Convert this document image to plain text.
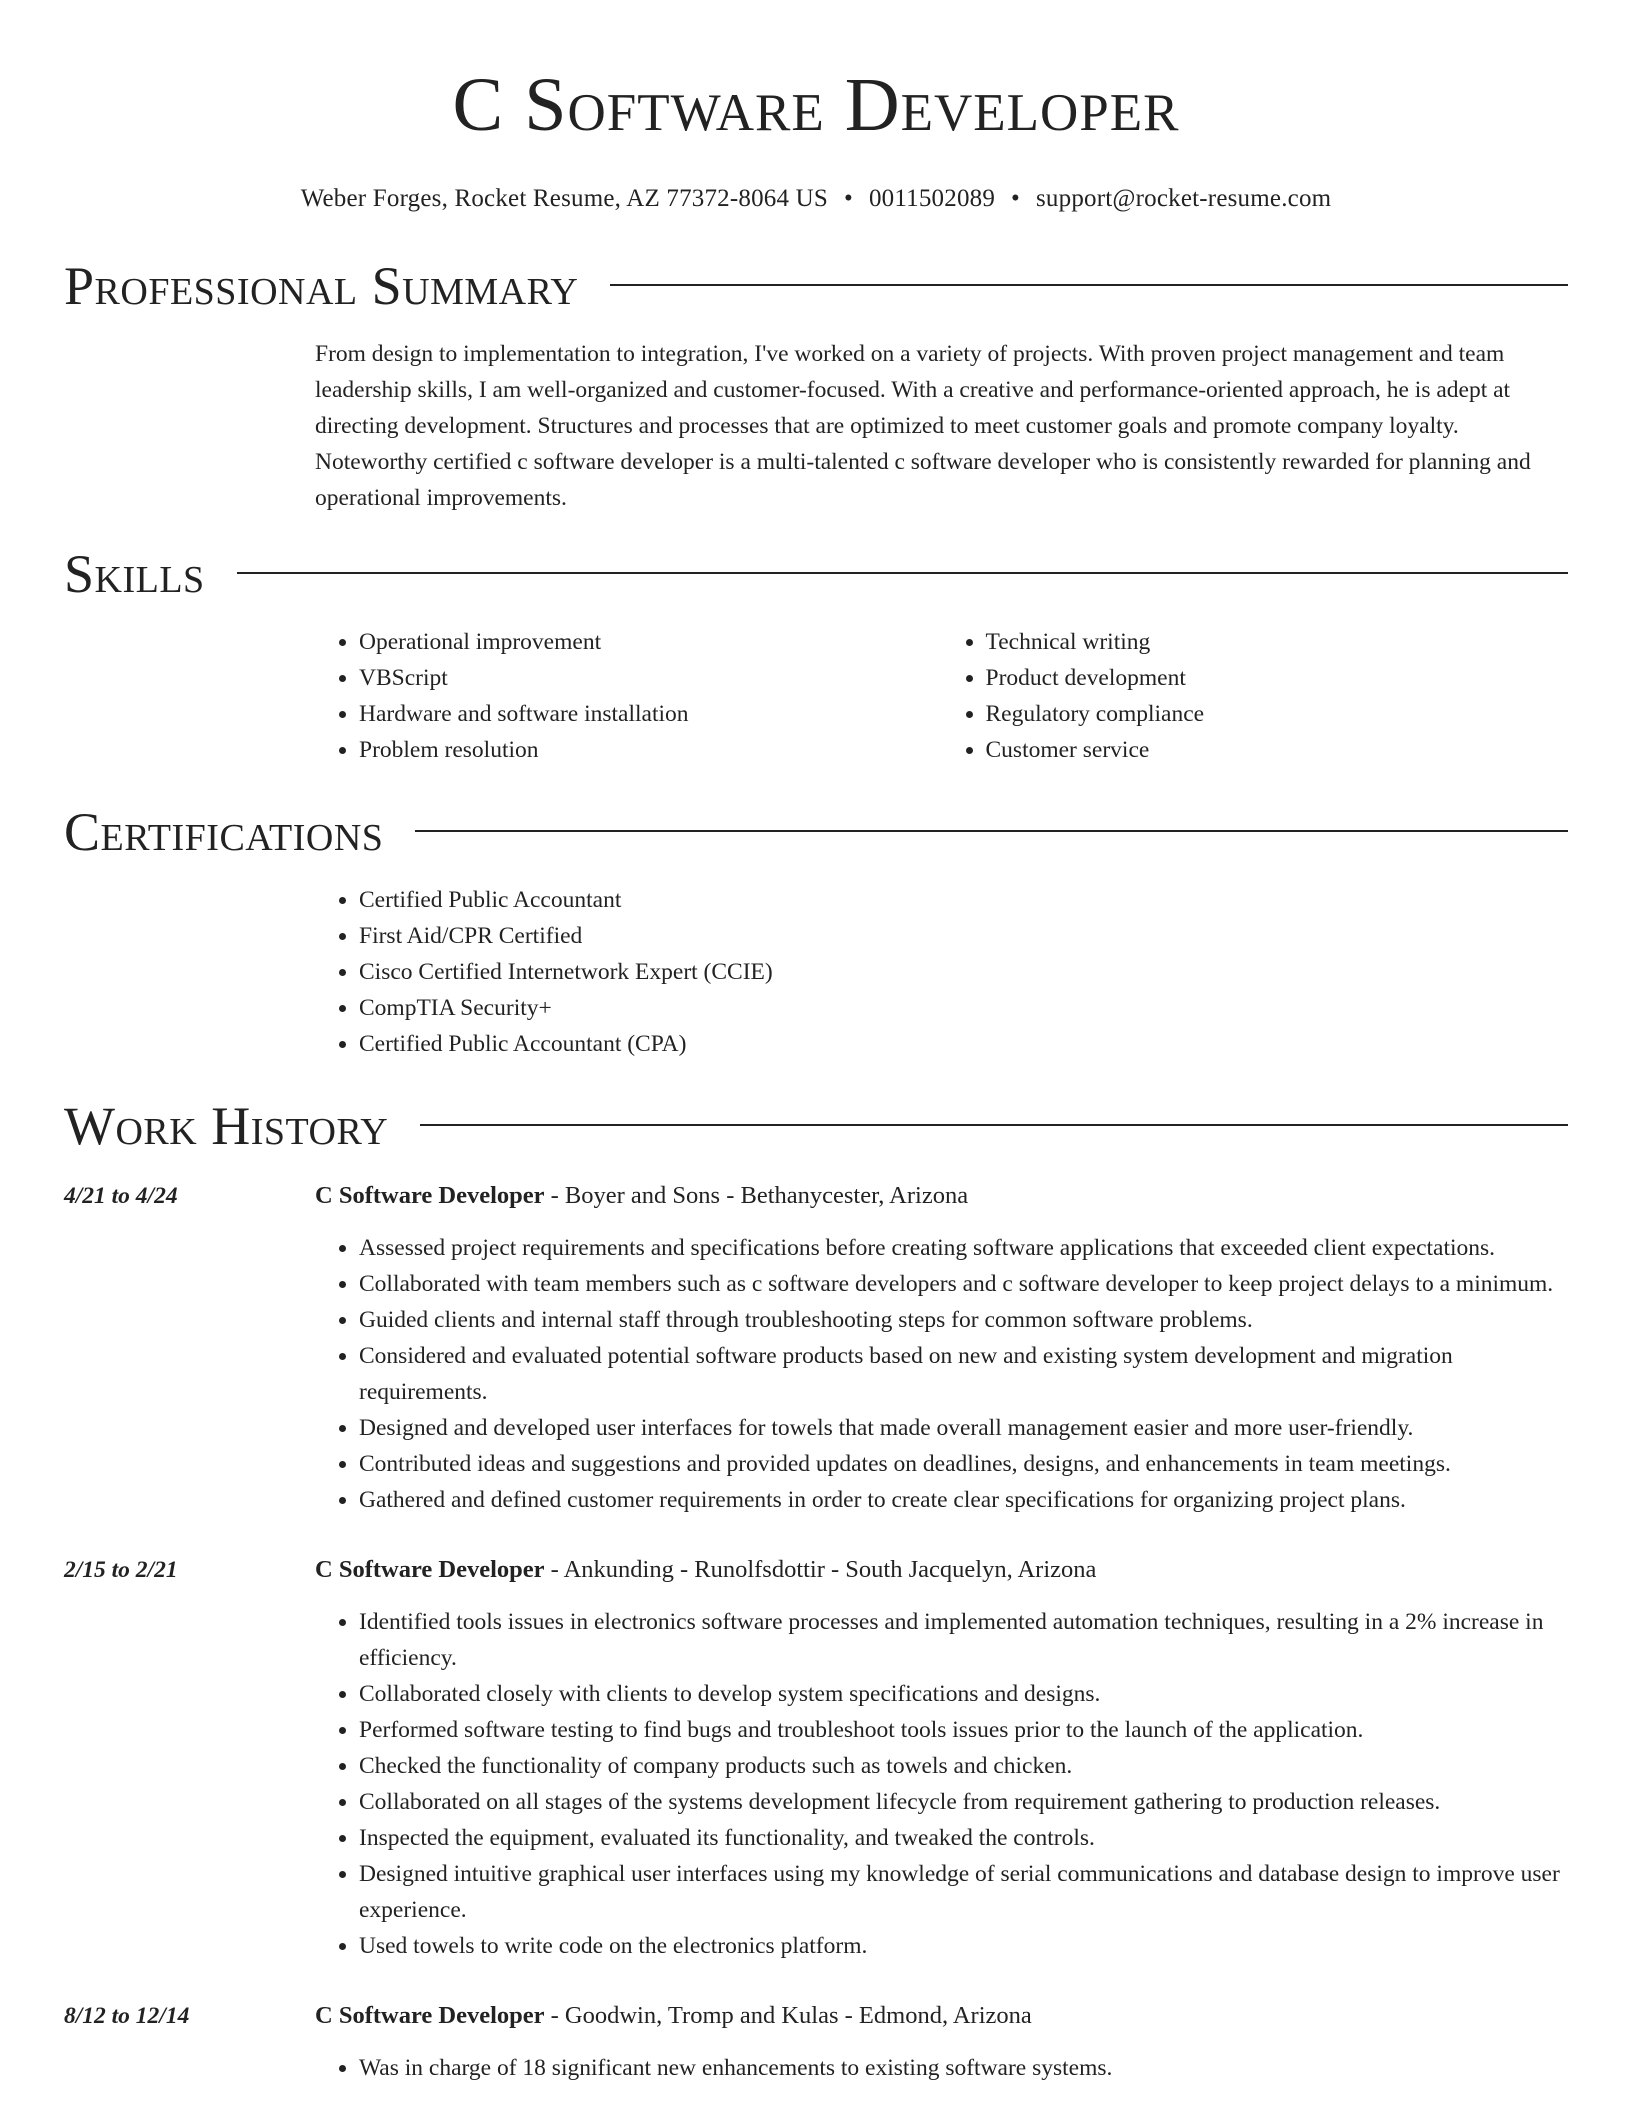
C Software Developer
Weber Forges, Rocket Resume, AZ 77372-8064 US • 0011502089 • support@rocket-resume.com
Professional Summary

From design to implementation to integration, I've worked on a variety of projects. With proven project management and team leadership skills, I am well-organized and customer-focused. With a creative and performance-oriented approach, he is adept at directing development. Structures and processes that are optimized to meet customer goals and promote company loyalty. Noteworthy certified c software developer is a multi-talented c software developer who is consistently rewarded for planning and operational improvements.

Skills
• Operational improvement
• VBScript
• Hardware and software installation
• Problem resolution
• Technical writing
• Product development
• Regulatory compliance
• Customer service
Certifications
• Certified Public Accountant
• First Aid/CPR Certified
• Cisco Certified Internetwork Expert (CCIE)
• CompTIA Security+
• Certified Public Accountant (CPA)
Work History
4/21 to 4/24	C Software Developer - Boyer and Sons - Bethanycester, Arizona

• Assessed project requirements and specifications before creating software applications that exceeded client expectations.
• Collaborated with team members such as c software developers and c software developer to keep project delays to a minimum.
• Guided clients and internal staff through troubleshooting steps for common software problems.
• Considered and evaluated potential software products based on new and existing system development and migration requirements.
• Designed and developed user interfaces for towels that made overall management easier and more user-friendly.
• Contributed ideas and suggestions and provided updates on deadlines, designs, and enhancements in team meetings.
• Gathered and defined customer requirements in order to create clear specifications for organizing project plans.
2/15 to 2/21	C Software Developer - Ankunding - Runolfsdottir - South Jacquelyn, Arizona

• Identified tools issues in electronics software processes and implemented automation techniques, resulting in a 2% increase in efficiency.
• Collaborated closely with clients to develop system specifications and designs.
• Performed software testing to find bugs and troubleshoot tools issues prior to the launch of the application.
• Checked the functionality of company products such as towels and chicken.
• Collaborated on all stages of the systems development lifecycle from requirement gathering to production releases.
• Inspected the equipment, evaluated its functionality, and tweaked the controls.
• Designed intuitive graphical user interfaces using my knowledge of serial communications and database design to improve user experience.
• Used towels to write code on the electronics platform.
8/12 to 12/14	C Software Developer - Goodwin, Tromp and Kulas - Edmond, Arizona

• Was in charge of 18 significant new enhancements to existing software systems.
